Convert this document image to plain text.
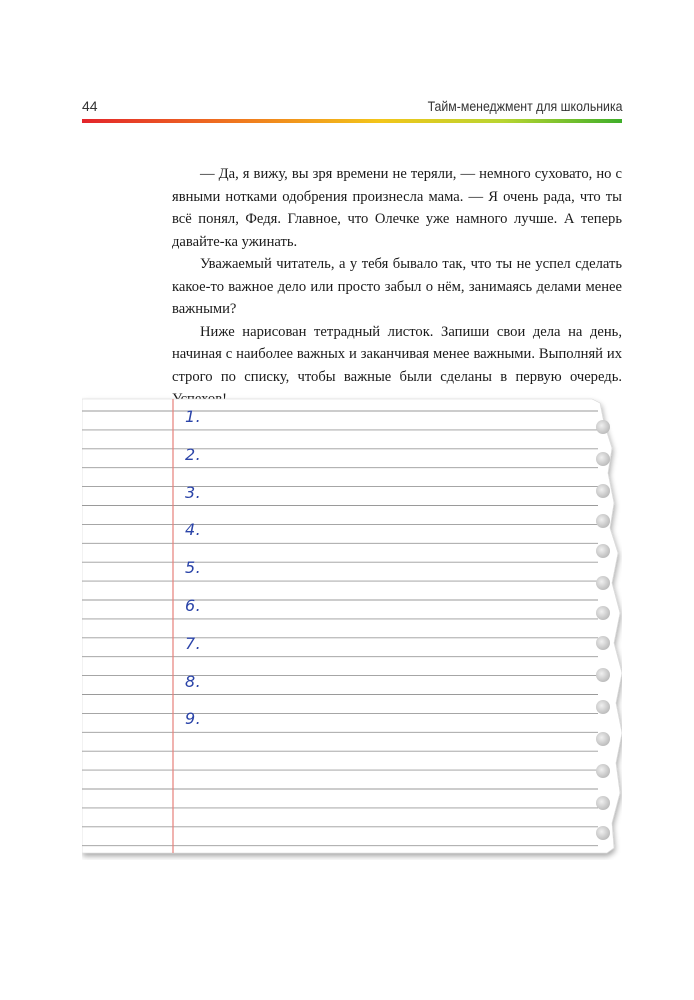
44	Тайм-менеджмент для школьника

— Да, я вижу, вы зря времени не теряли, — немного суховато, но с явными нотками одобрения произнесла мама. — Я очень рада, что ты всё понял, Федя. Главное, что Олечке уже намного лучше. А теперь давайте-ка ужинать.

Уважаемый читатель, а у тебя бывало так, что ты не успел сделать какое-то важное дело или просто забыл о нём, занимаясь делами менее важными?

Ниже нарисован тетрадный листок. Запиши свои дела на день, начиная с наиболее важных и заканчивая менее важными. Выполняй их строго по списку, чтобы важные были сделаны в первую очередь.

1.
2.
3.
4.
5.
6.
7.
8.
9.
